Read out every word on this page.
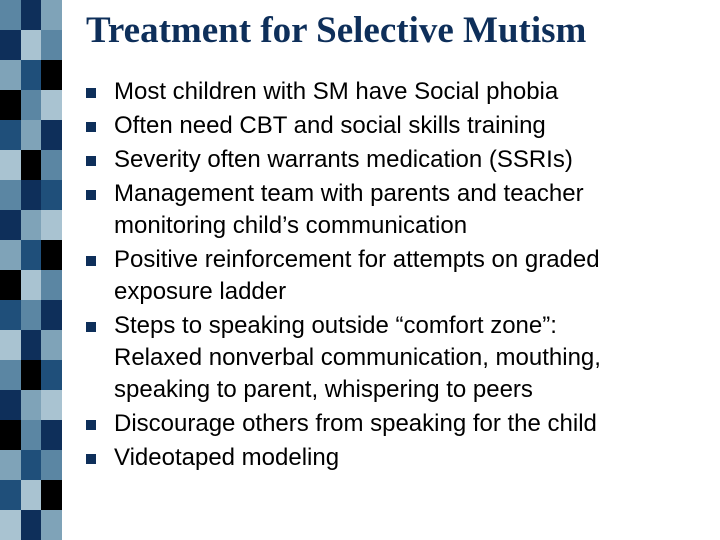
Treatment for Selective Mutism
Most children with SM have Social phobia
Often need CBT and social skills training
Severity often warrants medication (SSRIs)
Management team with parents and teacher
monitoring child’s communication
Positive reinforcement for attempts on graded
exposure ladder
Steps to speaking outside “comfort zone”:
Relaxed nonverbal communication, mouthing,
speaking to parent, whispering to peers
Discourage others from speaking for the child
Videotaped modeling
